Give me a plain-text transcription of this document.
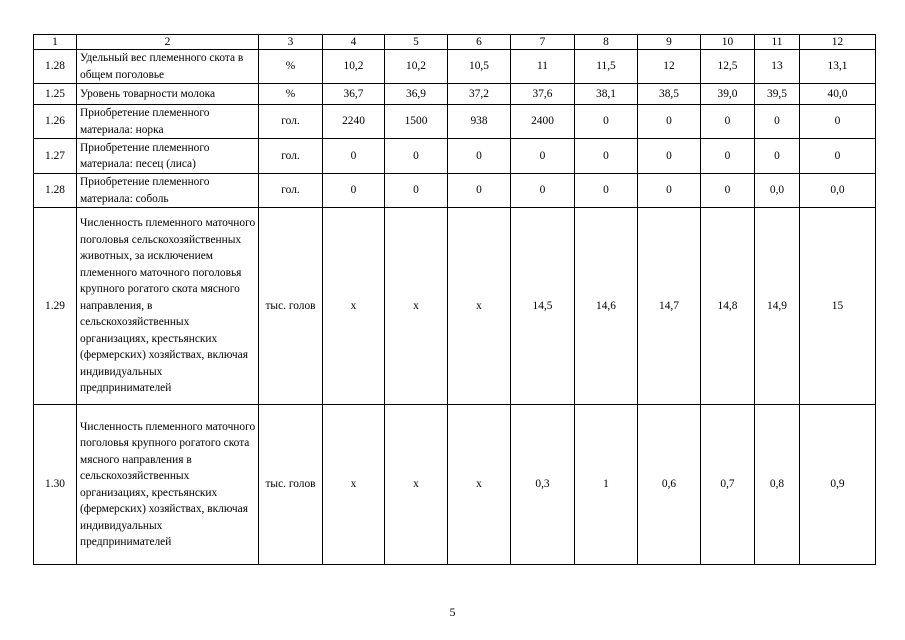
1	2	3	4	5	6	7	8	9	10	11	12
1.28	Удельный вес племенного скота в общем поголовье	%	10,2	10,2	10,5	11	11,5	12	12,5	13	13,1
1.25	Уровень товарности молока	%	36,7	36,9	37,2	37,6	38,1	38,5	39,0	39,5	40,0
1.26	Приобретение племенного материала: норка	гол.	2240	1500	938	2400	0	0	0	0	0
1.27	Приобретение племенного материала: песец (лиса)	гол.	0	0	0	0	0	0	0	0	0
1.28	Приобретение племенного материала: соболь	гол.	0	0	0	0	0	0	0	0,0	0,0
1.29	Численность племенного маточного поголовья сельскохозяйственных животных, за исключением племенного маточного поголовья крупного рогатого скота мясного направления, в сельскохозяйственных организациях, крестьянских (фермерских) хозяйствах, включая индивидуальных предпринимателей	тыс. голов	х	х	х	14,5	14,6	14,7	14,8	14,9	15
1.30	Численность племенного маточного поголовья крупного рогатого скота мясного направления в сельскохозяйственных организациях, крестьянских (фермерских) хозяйствах, включая индивидуальных предпринимателей	тыс. голов	х	х	х	0,3	1	0,6	0,7	0,8	0,9
5
